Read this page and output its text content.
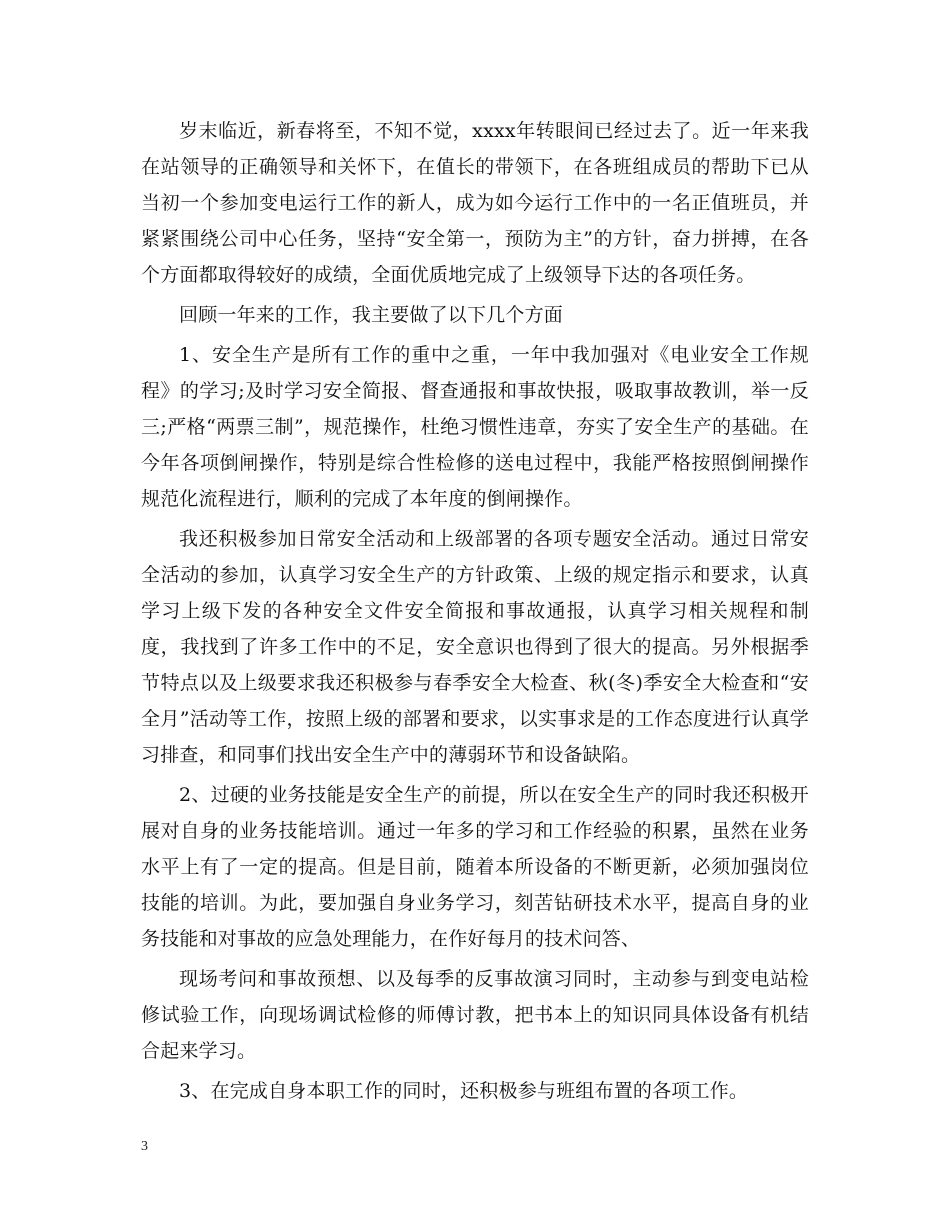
岁末临近，新春将至，不知不觉，xxxx年转眼间已经过去了。近一年来我在站领导的正确领导和关怀下，在值长的带领下，在各班组成员的帮助下已从当初一个参加变电运行工作的新人，成为如今运行工作中的一名正值班员，并紧紧围绕公司中心任务，坚持“安全第一，预防为主”的方针，奋力拼搏，在各个方面都取得较好的成绩，全面优质地完成了上级领导下达的各项任务。

回顾一年来的工作，我主要做了以下几个方面

1、安全生产是所有工作的重中之重，一年中我加强对《电业安全工作规程》的学习;及时学习安全简报、督查通报和事故快报，吸取事故教训，举一反三;严格“两票三制”，规范操作，杜绝习惯性违章，夯实了安全生产的基础。在今年各项倒闸操作，特别是综合性检修的送电过程中，我能严格按照倒闸操作规范化流程进行，顺利的完成了本年度的倒闸操作。

我还积极参加日常安全活动和上级部署的各项专题安全活动。通过日常安全活动的参加，认真学习安全生产的方针政策、上级的规定指示和要求，认真学习上级下发的各种安全文件安全简报和事故通报，认真学习相关规程和制度，我找到了许多工作中的不足，安全意识也得到了很大的提高。另外根据季节特点以及上级要求我还积极参与春季安全大检查、秋(冬)季安全大检查和“安全月”活动等工作，按照上级的部署和要求，以实事求是的工作态度进行认真学习排查，和同事们找出安全生产中的薄弱环节和设备缺陷。

2、过硬的业务技能是安全生产的前提，所以在安全生产的同时我还积极开展对自身的业务技能培训。通过一年多的学习和工作经验的积累，虽然在业务水平上有了一定的提高。但是目前，随着本所设备的不断更新，必须加强岗位技能的培训。为此，要加强自身业务学习，刻苦钻研技术水平，提高自身的业务技能和对事故的应急处理能力，在作好每月的技术问答、

现场考问和事故预想、以及每季的反事故演习同时，主动参与到变电站检修试验工作，向现场调试检修的师傅讨教，把书本上的知识同具体设备有机结合起来学习。

3、在完成自身本职工作的同时，还积极参与班组布置的各项工作。

3
